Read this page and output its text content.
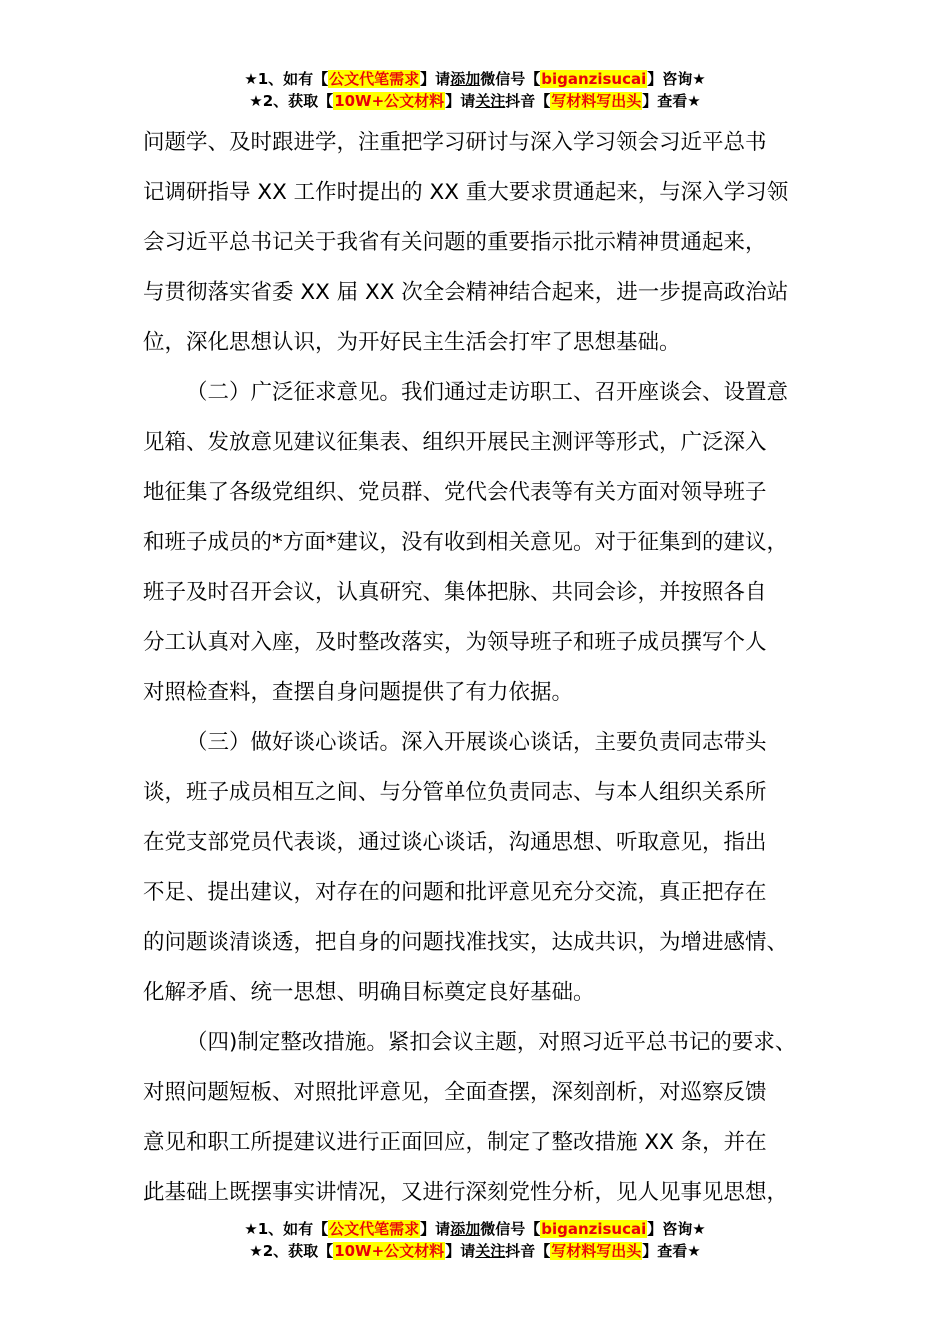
★1、如有【公文代笔需求】请添加微信号【biganzisucai】咨询★
★2、获取【10W+公文材料】请关注抖音【写材料写出头】查看★
问题学、及时跟进学，注重把学习研讨与深入学习领会习近平总书
记调研指导 XX 工作时提出的 XX 重大要求贯通起来，与深入学习领
会习近平总书记关于我省有关问题的重要指示批示精神贯通起来，
与贯彻落实省委 XX 届 XX 次全会精神结合起来，进一步提高政治站
位，深化思想认识，为开好民主生活会打牢了思想基础。
（二）广泛征求意见。我们通过走访职工、召开座谈会、设置意
见箱、发放意见建议征集表、组织开展民主测评等形式，广泛深入
地征集了各级党组织、党员群、党代会代表等有关方面对领导班子
和班子成员的*方面*建议，没有收到相关意见。对于征集到的建议，
班子及时召开会议，认真研究、集体把脉、共同会诊，并按照各自
分工认真对入座，及时整改落实，为领导班子和班子成员撰写个人
对照检查料，查摆自身问题提供了有力依据。
（三）做好谈心谈话。深入开展谈心谈话，主要负责同志带头
谈，班子成员相互之间、与分管单位负责同志、与本人组织关系所
在党支部党员代表谈，通过谈心谈话，沟通思想、听取意见，指出
不足、提出建议，对存在的问题和批评意见充分交流，真正把存在
的问题谈清谈透，把自身的问题找准找实，达成共识，为增进感情、
化解矛盾、统一思想、明确目标奠定良好基础。
（四)制定整改措施。紧扣会议主题，对照习近平总书记的要求、
对照问题短板、对照批评意见，全面查摆，深刻剖析，对巡察反馈
意见和职工所提建议进行正面回应，制定了整改措施 XX 条，并在
此基础上既摆事实讲情况，又进行深刻党性分析，见人见事见思想，
★1、如有【公文代笔需求】请添加微信号【biganzisucai】咨询★
★2、获取【10W+公文材料】请关注抖音【写材料写出头】查看★
